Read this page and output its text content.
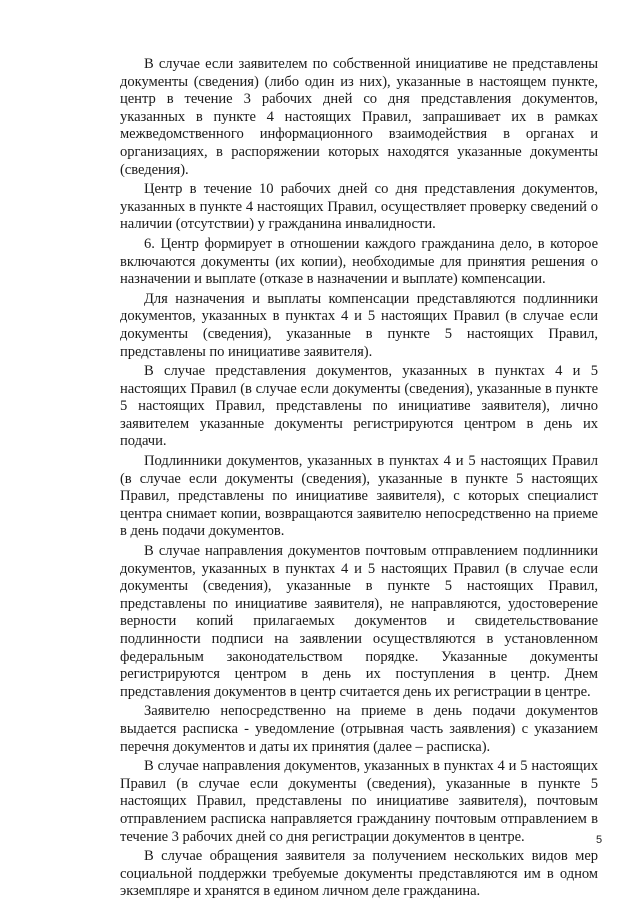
В случае если заявителем по собственной инициативе не представлены документы (сведения) (либо один из них), указанные в настоящем пункте, центр в течение 3 рабочих дней со дня представления документов, указанных в пункте 4 настоящих Правил, запрашивает их в рамках межведомственного информационного взаимодействия в органах и организациях, в распоряжении которых находятся указанные документы (сведения).

Центр в течение 10 рабочих дней со дня представления документов, указанных в пункте 4 настоящих Правил, осуществляет проверку сведений о наличии (отсутствии) у гражданина инвалидности.

6. Центр формирует в отношении каждого гражданина дело, в которое включаются документы (их копии), необходимые для принятия решения о назначении и выплате (отказе в назначении и выплате) компенсации.

Для назначения и выплаты компенсации представляются подлинники документов, указанных в пунктах 4 и 5 настоящих Правил (в случае если документы (сведения), указанные в пункте 5 настоящих Правил, представлены по инициативе заявителя).

В случае представления документов, указанных в пунктах 4 и 5 настоящих Правил (в случае если документы (сведения), указанные в пункте 5 настоящих Правил, представлены по инициативе заявителя), лично заявителем указанные документы регистрируются центром в день их подачи.

Подлинники документов, указанных в пунктах 4 и 5 настоящих Правил (в случае если документы (сведения), указанные в пункте 5 настоящих Правил, представлены по инициативе заявителя), с которых специалист центра снимает копии, возвращаются заявителю непосредственно на приеме в день подачи документов.

В случае направления документов почтовым отправлением подлинники документов, указанных в пунктах 4 и 5 настоящих Правил (в случае если документы (сведения), указанные в пункте 5 настоящих Правил, представлены по инициативе заявителя), не направляются, удостоверение верности копий прилагаемых документов и свидетельствование подлинности подписи на заявлении осуществляются в установленном федеральным законодательством порядке. Указанные документы регистрируются центром в день их поступления в центр. Днем представления документов в центр считается день их регистрации в центре.

Заявителю непосредственно на приеме в день подачи документов выдается расписка - уведомление (отрывная часть заявления) с указанием перечня документов и даты их принятия (далее – расписка).

В случае направления документов, указанных в пунктах 4 и 5 настоящих Правил (в случае если документы (сведения), указанные в пункте 5 настоящих Правил, представлены по инициативе заявителя), почтовым отправлением расписка направляется гражданину почтовым отправлением в течение 3 рабочих дней со дня регистрации документов в центре.

В случае обращения заявителя за получением нескольких видов мер социальной поддержки требуемые документы представляются им в одном экземпляре и хранятся в едином личном деле гражданина.

5
